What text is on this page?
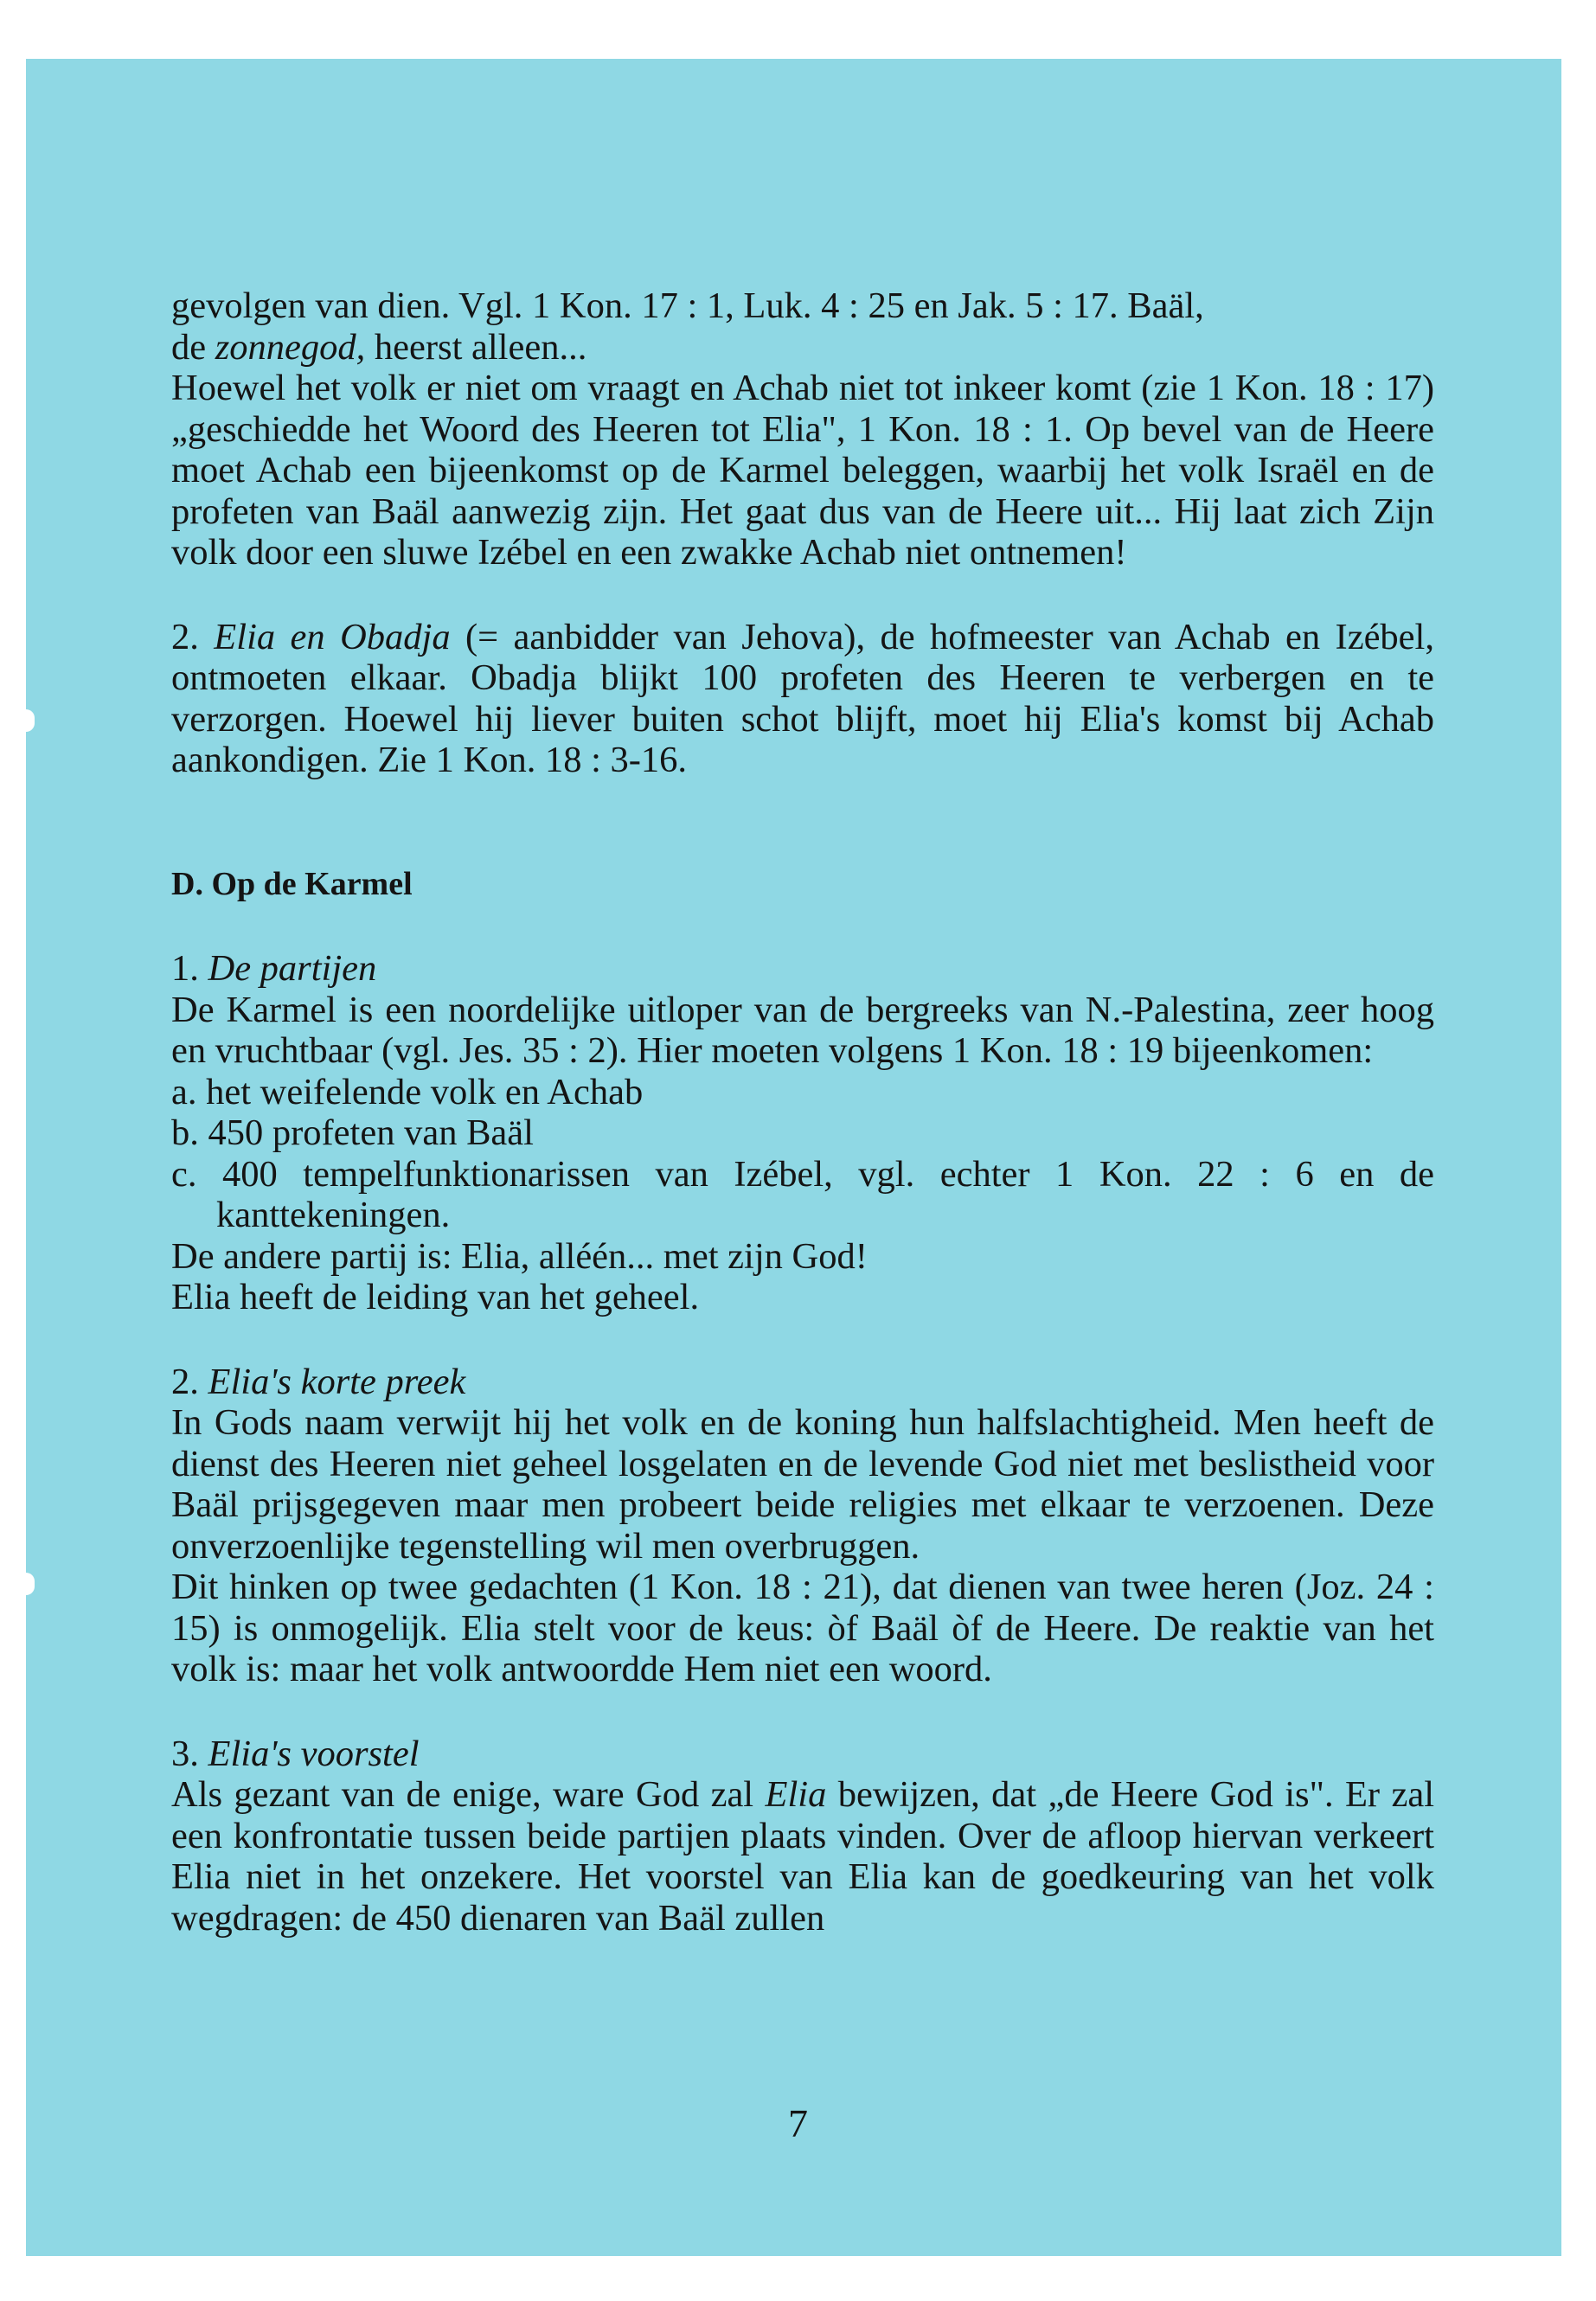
gevolgen van dien. Vgl. 1 Kon. 17 : 1, Luk. 4 : 25 en Jak. 5 : 17. Baäl,
de zonnegod, heerst alleen...
Hoewel het volk er niet om vraagt en Achab niet tot inkeer komt (zie 1 Kon. 18 : 17) „geschiedde het Woord des Heeren tot Elia", 1 Kon. 18 : 1. Op bevel van de Heere moet Achab een bijeenkomst op de Karmel beleggen, waarbij het volk Israël en de profeten van Baäl aanwezig zijn. Het gaat dus van de Heere uit... Hij laat zich Zijn volk door een sluwe Izébel en een zwakke Achab niet ontnemen!
2. Elia en Obadja (= aanbidder van Jehova), de hofmeester van Achab en Izébel, ontmoeten elkaar. Obadja blijkt 100 profeten des Heeren te verbergen en te verzorgen. Hoewel hij liever buiten schot blijft, moet hij Elia's komst bij Achab aankondigen. Zie 1 Kon. 18 : 3-16.
D. Op de Karmel
1. De partijen
De Karmel is een noordelijke uitloper van de bergreeks van N.-Palestina, zeer hoog en vruchtbaar (vgl. Jes. 35 : 2). Hier moeten volgens 1 Kon. 18 : 19 bijeenkomen:
a. het weifelende volk en Achab
b. 450 profeten van Baäl
c. 400 tempelfunktionarissen van Izébel, vgl. echter 1 Kon. 22 : 6 en de kanttekeningen.
De andere partij is: Elia, alléén... met zijn God!
Elia heeft de leiding van het geheel.
2. Elia's korte preek
In Gods naam verwijt hij het volk en de koning hun halfslachtigheid. Men heeft de dienst des Heeren niet geheel losgelaten en de levende God niet met beslistheid voor Baäl prijsgegeven maar men probeert beide religies met elkaar te verzoenen. Deze onverzoenlijke tegenstelling wil men overbruggen.
Dit hinken op twee gedachten (1 Kon. 18 : 21), dat dienen van twee heren (Joz. 24 : 15) is onmogelijk. Elia stelt voor de keus: òf Baäl òf de Heere. De reaktie van het volk is: maar het volk antwoordde Hem niet een woord.
3. Elia's voorstel
Als gezant van de enige, ware God zal Elia bewijzen, dat „de Heere God is". Er zal een konfrontatie tussen beide partijen plaats vinden. Over de afloop hiervan verkeert Elia niet in het onzekere. Het voorstel van Elia kan de goedkeuring van het volk wegdragen: de 450 dienaren van Baäl zullen
7
